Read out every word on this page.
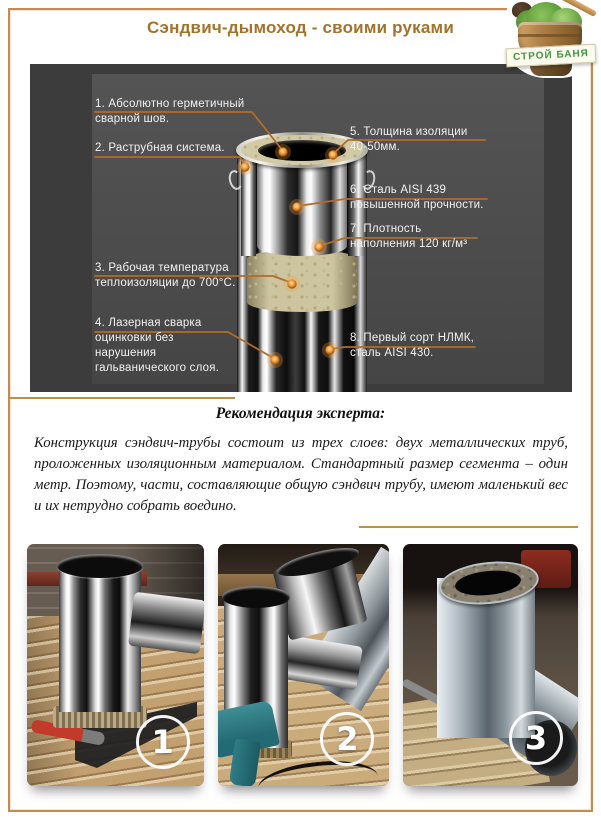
Сэндвич-дымоход - своими руками
СТРОЙ БАНЯ
1. Абсолютно герметичный
сварной шов.
2. Раструбная система.
3. Рабочая температура
теплоизоляции до 700°С.
4. Лазерная сварка
оцинковки без
нарушения
гальванического слоя.
5. Толщина изоляции
40-50мм.
6. Сталь AISI 439
повышенной прочности.
7. Плотность
наполнения 120 кг/м³
8. Первый сорт НЛМК,
сталь AISI 430.
Рекомендация эксперта:
Конструкция сэндвич-трубы состоит из трех слоев: двух металлических труб, проложенных изоляционным материалом. Стандартный размер сегмента – один метр. Поэтому, части, составляющие общую сэндвич трубу, имеют маленький вес и их нетрудно собрать воедино.
1	2	3
